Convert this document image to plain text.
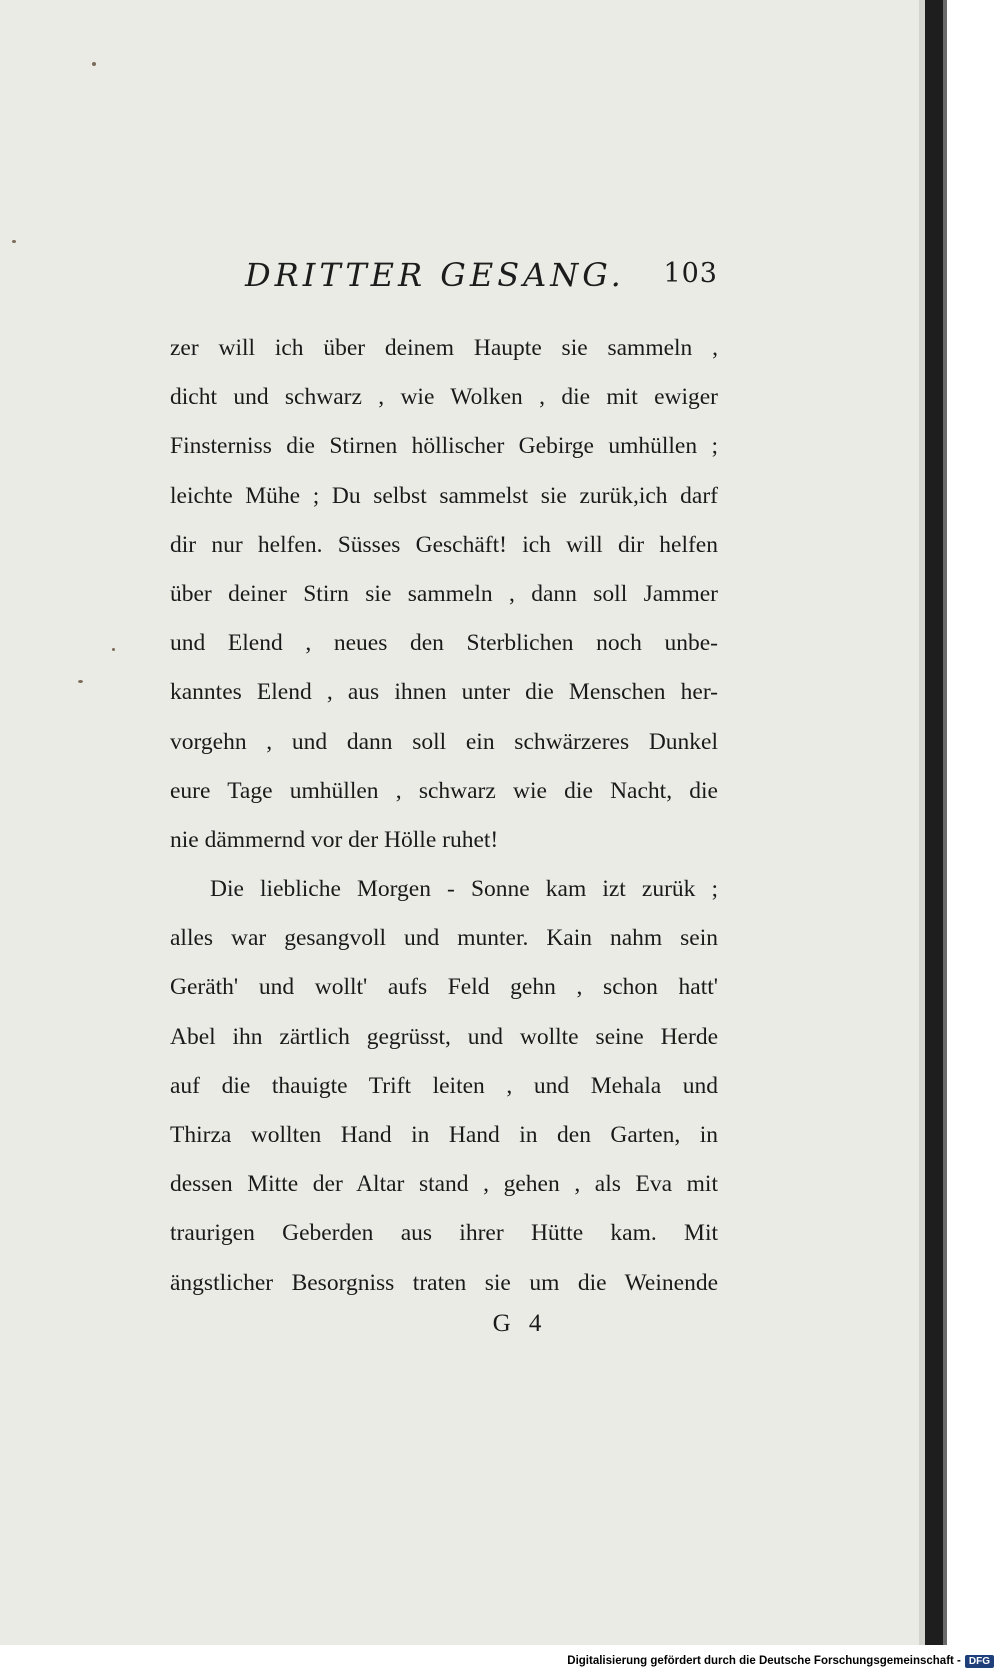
DRITTER GESANG. 103
zer will ich über deinem Haupte sie sammeln ,
dicht und schwarz , wie Wolken , die mit ewiger
Finsterniss die Stirnen höllischer Gebirge umhüllen ;
leichte Mühe ; Du selbst sammelst sie zurük,ich darf
dir nur helfen. Süsses Geschäft! ich will dir helfen
über deiner Stirn sie sammeln , dann soll Jammer
und Elend , neues den Sterblichen noch unbe-
kanntes Elend , aus ihnen unter die Menschen her-
vorgehn , und dann soll ein schwärzeres Dunkel
eure Tage umhüllen , schwarz wie die Nacht, die
nie dämmernd vor der Hölle ruhet!
Die liebliche Morgen - Sonne kam izt zurük ;
alles war gesangvoll und munter. Kain nahm sein
Geräth' und wollt' aufs Feld gehn , schon hatt'
Abel ihn zärtlich gegrüsst, und wollte seine Herde
auf die thauigte Trift leiten , und Mehala und
Thirza wollten Hand in Hand in den Garten, in
dessen Mitte der Altar stand , gehen , als Eva mit
traurigen Geberden aus ihrer Hütte kam. Mit
ängstlicher Besorgniss traten sie um die Weinende
G 4
Digitalisierung gefördert durch die Deutsche Forschungsgemeinschaft - DFG
